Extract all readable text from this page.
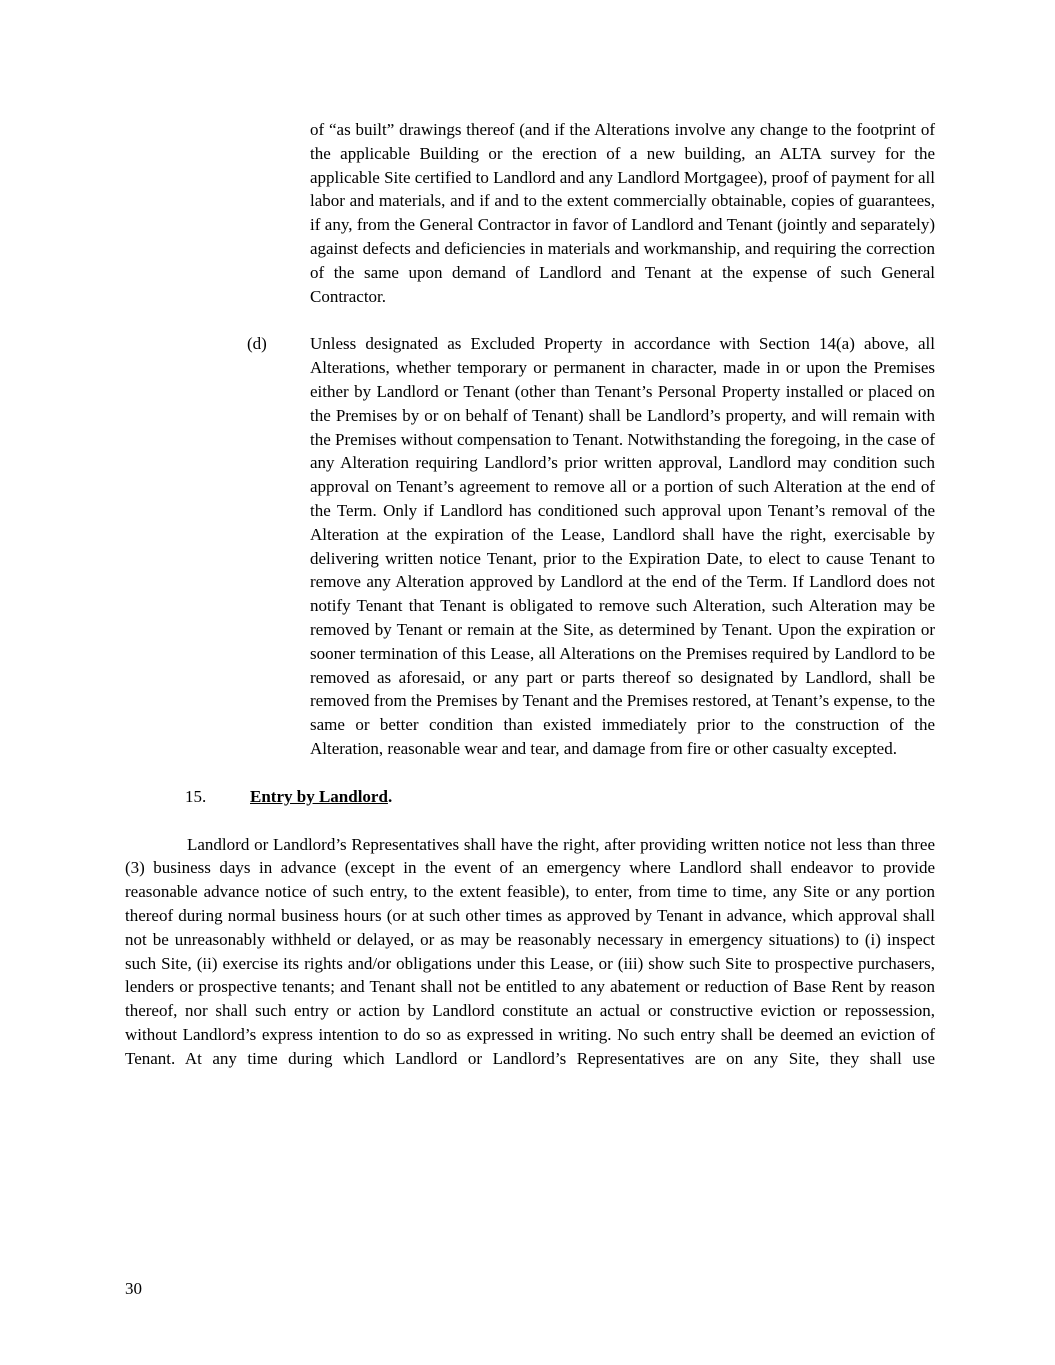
of “as built” drawings thereof (and if the Alterations involve any change to the footprint of the applicable Building or the erection of a new building, an ALTA survey for the applicable Site certified to Landlord and any Landlord Mortgagee), proof of payment for all labor and materials, and if and to the extent commercially obtainable, copies of guarantees, if any, from the General Contractor in favor of Landlord and Tenant (jointly and separately) against defects and deficiencies in materials and workmanship, and requiring the correction of the same upon demand of Landlord and Tenant at the expense of such General Contractor.

(d)	Unless designated as Excluded Property in accordance with Section 14(a) above, all Alterations, whether temporary or permanent in character, made in or upon the Premises either by Landlord or Tenant (other than Tenant’s Personal Property installed or placed on the Premises by or on behalf of Tenant) shall be Landlord’s property, and will remain with the Premises without compensation to Tenant. Notwithstanding the foregoing, in the case of any Alteration requiring Landlord’s prior written approval, Landlord may condition such approval on Tenant’s agreement to remove all or a portion of such Alteration at the end of the Term. Only if Landlord has conditioned such approval upon Tenant’s removal of the Alteration at the expiration of the Lease, Landlord shall have the right, exercisable by delivering written notice Tenant, prior to the Expiration Date, to elect to cause Tenant to remove any Alteration approved by Landlord at the end of the Term. If Landlord does not notify Tenant that Tenant is obligated to remove such Alteration, such Alteration may be removed by Tenant or remain at the Site, as determined by Tenant. Upon the expiration or sooner termination of this Lease, all Alterations on the Premises required by Landlord to be removed as aforesaid, or any part or parts thereof so designated by Landlord, shall be removed from the Premises by Tenant and the Premises restored, at Tenant’s expense, to the same or better condition than existed immediately prior to the construction of the Alteration, reasonable wear and tear, and damage from fire or other casualty excepted.

15.	Entry by Landlord.

Landlord or Landlord’s Representatives shall have the right, after providing written notice not less than three (3) business days in advance (except in the event of an emergency where Landlord shall endeavor to provide reasonable advance notice of such entry, to the extent feasible), to enter, from time to time, any Site or any portion thereof during normal business hours (or at such other times as approved by Tenant in advance, which approval shall not be unreasonably withheld or delayed, or as may be reasonably necessary in emergency situations) to (i) inspect such Site, (ii) exercise its rights and/or obligations under this Lease, or (iii) show such Site to prospective purchasers, lenders or prospective tenants; and Tenant shall not be entitled to any abatement or reduction of Base Rent by reason thereof, nor shall such entry or action by Landlord constitute an actual or constructive eviction or repossession, without Landlord’s express intention to do so as expressed in writing. No such entry shall be deemed an eviction of Tenant. At any time during which Landlord or Landlord’s Representatives are on any Site, they shall use

30
